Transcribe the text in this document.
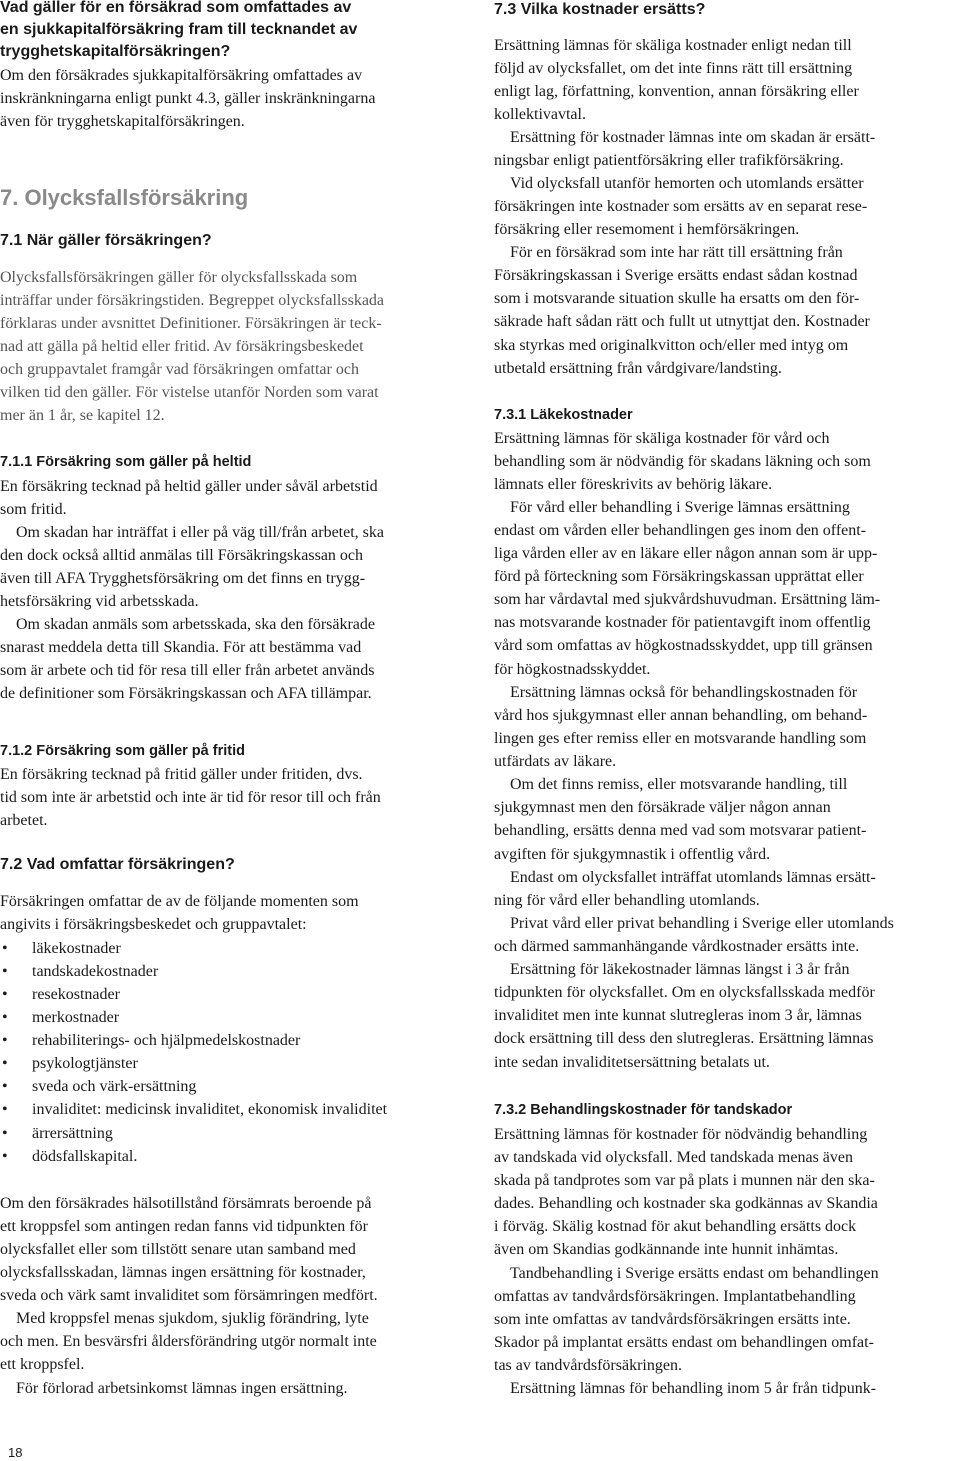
Vad gäller för en försäkrad som omfattades av
en sjukkapitalförsäkring fram till tecknandet av
trygghetskapitalförsäkringen?
Om den försäkrades sjukkapitalförsäkring omfattades av
inskränkningarna enligt punkt 4.3, gäller inskränkningarna
även för trygghetskapitalförsäkringen.
7. Olycksfallsförsäkring
7.1 När gäller försäkringen?
Olycksfallsförsäkringen gäller för olycksfallsskada som
inträffar under försäkringstiden. Begreppet olycksfallsskada
förklaras under avsnittet Definitioner. Försäkringen är teck-
nad att gälla på heltid eller fritid. Av försäkringsbeskedet
och gruppavtalet framgår vad försäkringen omfattar och
vilken tid den gäller. För vistelse utanför Norden som varat
mer än 1 år, se kapitel 12.
7.1.1 Försäkring som gäller på heltid
En försäkring tecknad på heltid gäller under såväl arbetstid
som fritid.
Om skadan har inträffat i eller på väg till/från arbetet, ska
den dock också alltid anmälas till Försäkringskassan och
även till AFA Trygghetsförsäkring om det finns en trygg-
hetsförsäkring vid arbetsskada.
Om skadan anmäls som arbetsskada, ska den försäkrade
snarast meddela detta till Skandia. För att bestämma vad
som är arbete och tid för resa till eller från arbetet används
de definitioner som Försäkringskassan och AFA tillämpar.
7.1.2 Försäkring som gäller på fritid
En försäkring tecknad på fritid gäller under fritiden, dvs.
tid som inte är arbetstid och inte är tid för resor till och från
arbetet.
7.2 Vad omfattar försäkringen?
Försäkringen omfattar de av de följande momenten som
angivits i försäkringsbeskedet och gruppavtalet:
läkekostnader
•
tandskadekostnader
•
resekostnader
•
merkostnader
•
rehabiliterings- och hjälpmedelskostnader
•
psykologtjänster
•
sveda och värk-ersättning
•
invaliditet: medicinsk invaliditet, ekonomisk invaliditet
•
ärrersättning
•
dödsfallskapital.
•
Om den försäkrades hälsotillstånd försämrats beroende på
ett kroppsfel som antingen redan fanns vid tidpunkten för
olycksfallet eller som tillstött senare utan samband med
olycksfallsskadan, lämnas ingen ersättning för kostnader,
sveda och värk samt invaliditet som försämringen medfört.
Med kroppsfel menas sjukdom, sjuklig förändring, lyte
och men. En besvärsfri åldersförändring utgör normalt inte
ett kroppsfel.
För förlorad arbetsinkomst lämnas ingen ersättning.
7.3 Vilka kostnader ersätts?
Ersättning lämnas för skäliga kostnader enligt nedan till
följd av olycksfallet, om det inte finns rätt till ersättning
enligt lag, författning, konvention, annan försäkring eller
kollektivavtal.
Ersättning för kostnader lämnas inte om skadan är ersätt-
ningsbar enligt patientförsäkring eller trafikförsäkring.
Vid olycksfall utanför hemorten och utomlands ersätter
försäkringen inte kostnader som ersätts av en separat rese-
försäkring eller resemoment i hemförsäkringen.
För en försäkrad som inte har rätt till ersättning från
Försäkringskassan i Sverige ersätts endast sådan kostnad
som i motsvarande situation skulle ha ersatts om den för-
säkrade haft sådan rätt och fullt ut utnyttjat den. Kostnader
ska styrkas med originalkvitton och/eller med intyg om
utbetald ersättning från vårdgivare/landsting.
7.3.1 Läkekostnader
Ersättning lämnas för skäliga kostnader för vård och
behandling som är nödvändig för skadans läkning och som
lämnats eller föreskrivits av behörig läkare.
För vård eller behandling i Sverige lämnas ersättning
endast om vården eller behandlingen ges inom den offent-
liga vården eller av en läkare eller någon annan som är upp-
förd på förteckning som Försäkringskassan upprättat eller
som har vårdavtal med sjukvårdshuvudman. Ersättning läm-
nas motsvarande kostnader för patientavgift inom offentlig
vård som omfattas av högkostnadsskyddet, upp till gränsen
för högkostnadsskyddet.
Ersättning lämnas också för behandlingskostnaden för
vård hos sjukgymnast eller annan behandling, om behand-
lingen ges efter remiss eller en motsvarande handling som
utfärdats av läkare.
Om det finns remiss, eller motsvarande handling, till
sjukgymnast men den försäkrade väljer någon annan
behandling, ersätts denna med vad som motsvarar patient-
avgiften för sjukgymnastik i offentlig vård.
Endast om olycksfallet inträffat utomlands lämnas ersätt-
ning för vård eller behandling utomlands.
Privat vård eller privat behandling i Sverige eller utomlands
och därmed sammanhängande vårdkostnader ersätts inte.
Ersättning för läkekostnader lämnas längst i 3 år från
tidpunkten för olycksfallet. Om en olycksfallsskada medför
invaliditet men inte kunnat slutregleras inom 3 år, lämnas
dock ersättning till dess den slutregleras. Ersättning lämnas
inte sedan invaliditetsersättning betalats ut.
7.3.2 Behandlingskostnader för tandskador
Ersättning lämnas för kostnader för nödvändig behandling
av tandskada vid olycksfall. Med tandskada menas även
skada på tandprotes som var på plats i munnen när den ska-
dades. Behandling och kostnader ska godkännas av Skandia
i förväg. Skälig kostnad för akut behandling ersätts dock
även om Skandias godkännande inte hunnit inhämtas.
Tandbehandling i Sverige ersätts endast om behandlingen
omfattas av tandvårdsförsäkringen. Implantatbehandling
som inte omfattas av tandvårdsförsäkringen ersätts inte.
Skador på implantat ersätts endast om behandlingen omfat-
tas av tandvårdsförsäkringen.
Ersättning lämnas för behandling inom 5 år från tidpunk-
18
